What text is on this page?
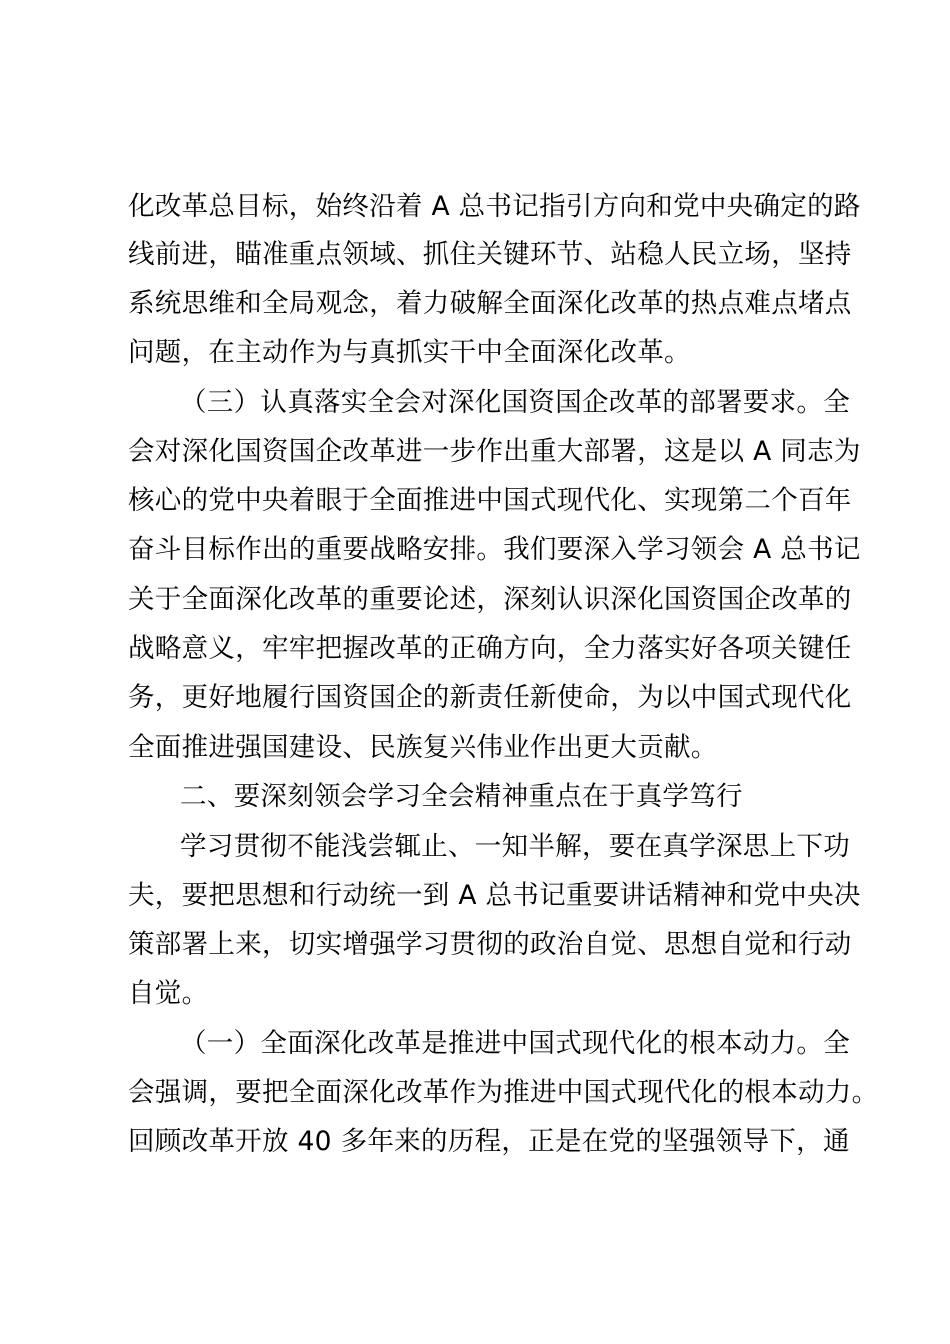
化改革总目标，始终沿着 A 总书记指引方向和党中央确定的路
线前进，瞄准重点领域、抓住关键环节、站稳人民立场，坚持
系统思维和全局观念，着力破解全面深化改革的热点难点堵点
问题，在主动作为与真抓实干中全面深化改革。
（三）认真落实全会对深化国资国企改革的部署要求。全
会对深化国资国企改革进一步作出重大部署，这是以 A 同志为
核心的党中央着眼于全面推进中国式现代化、实现第二个百年
奋斗目标作出的重要战略安排。我们要深入学习领会 A 总书记
关于全面深化改革的重要论述，深刻认识深化国资国企改革的
战略意义，牢牢把握改革的正确方向，全力落实好各项关键任
务，更好地履行国资国企的新责任新使命，为以中国式现代化
全面推进强国建设、民族复兴伟业作出更大贡献。
二、要深刻领会学习全会精神重点在于真学笃行
学习贯彻不能浅尝辄止、一知半解，要在真学深思上下功
夫，要把思想和行动统一到 A 总书记重要讲话精神和党中央决
策部署上来，切实增强学习贯彻的政治自觉、思想自觉和行动
自觉。
（一）全面深化改革是推进中国式现代化的根本动力。全
会强调，要把全面深化改革作为推进中国式现代化的根本动力。
回顾改革开放 40 多年来的历程，正是在党的坚强领导下，通
